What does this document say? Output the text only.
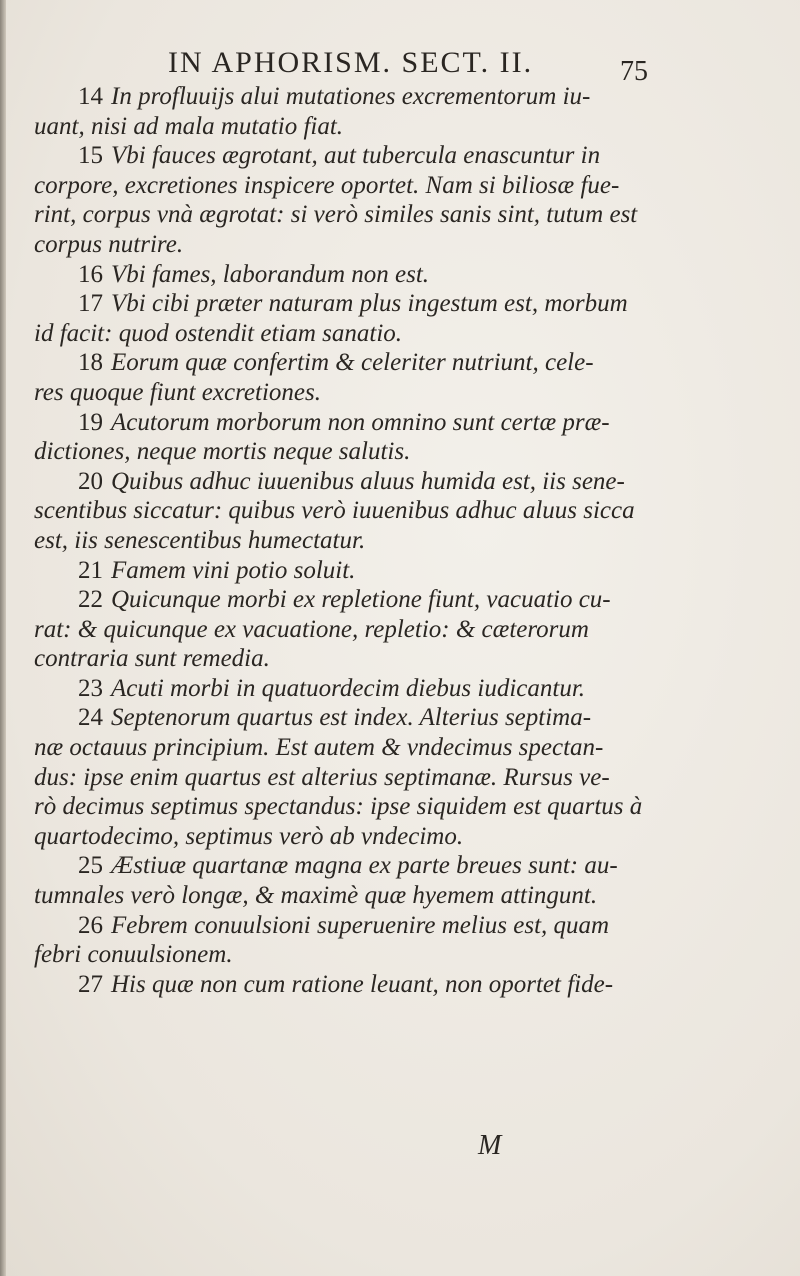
IN APHORISM. SECT. II.	75
14 In profluuijs alui mutationes excrementorum iu-
uant, nisi ad mala mutatio fiat.
15 Vbi fauces ægrotant, aut tubercula enascuntur in
corpore, excretiones inspicere oportet. Nam si biliosæ fue-
rint, corpus vnà ægrotat: si verò similes sanis sint, tutum est
corpus nutrire.
16 Vbi fames, laborandum non est.
17 Vbi cibi præter naturam plus ingestum est, morbum
id facit: quod ostendit etiam sanatio.
18 Eorum quæ confertim & celeriter nutriunt, cele-
res quoque fiunt excretiones.
19 Acutorum morborum non omnino sunt certæ præ-
dictiones, neque mortis neque salutis.
20 Quibus adhuc iuuenibus aluus humida est, iis sene-
scentibus siccatur: quibus verò iuuenibus adhuc aluus sicca
est, iis senescentibus humectatur.
21 Famem vini potio soluit.
22 Quicunque morbi ex repletione fiunt, vacuatio cu-
rat: & quicunque ex vacuatione, repletio: & cæterorum
contraria sunt remedia.
23 Acuti morbi in quatuordecim diebus iudicantur.
24 Septenorum quartus est index. Alterius septima-
næ octauus principium. Est autem & vndecimus spectan-
dus: ipse enim quartus est alterius septimanæ. Rursus ve-
rò decimus septimus spectandus: ipse siquidem est quartus à
quartodecimo, septimus verò ab vndecimo.
25 Æstiuæ quartanæ magna ex parte breues sunt: au-
tumnales verò longæ, & maximè quæ hyemem attingunt.
26 Febrem conuulsioni superuenire melius est, quam
febri conuulsionem.
27 His quæ non cum ratione leuant, non oportet fide-
M
